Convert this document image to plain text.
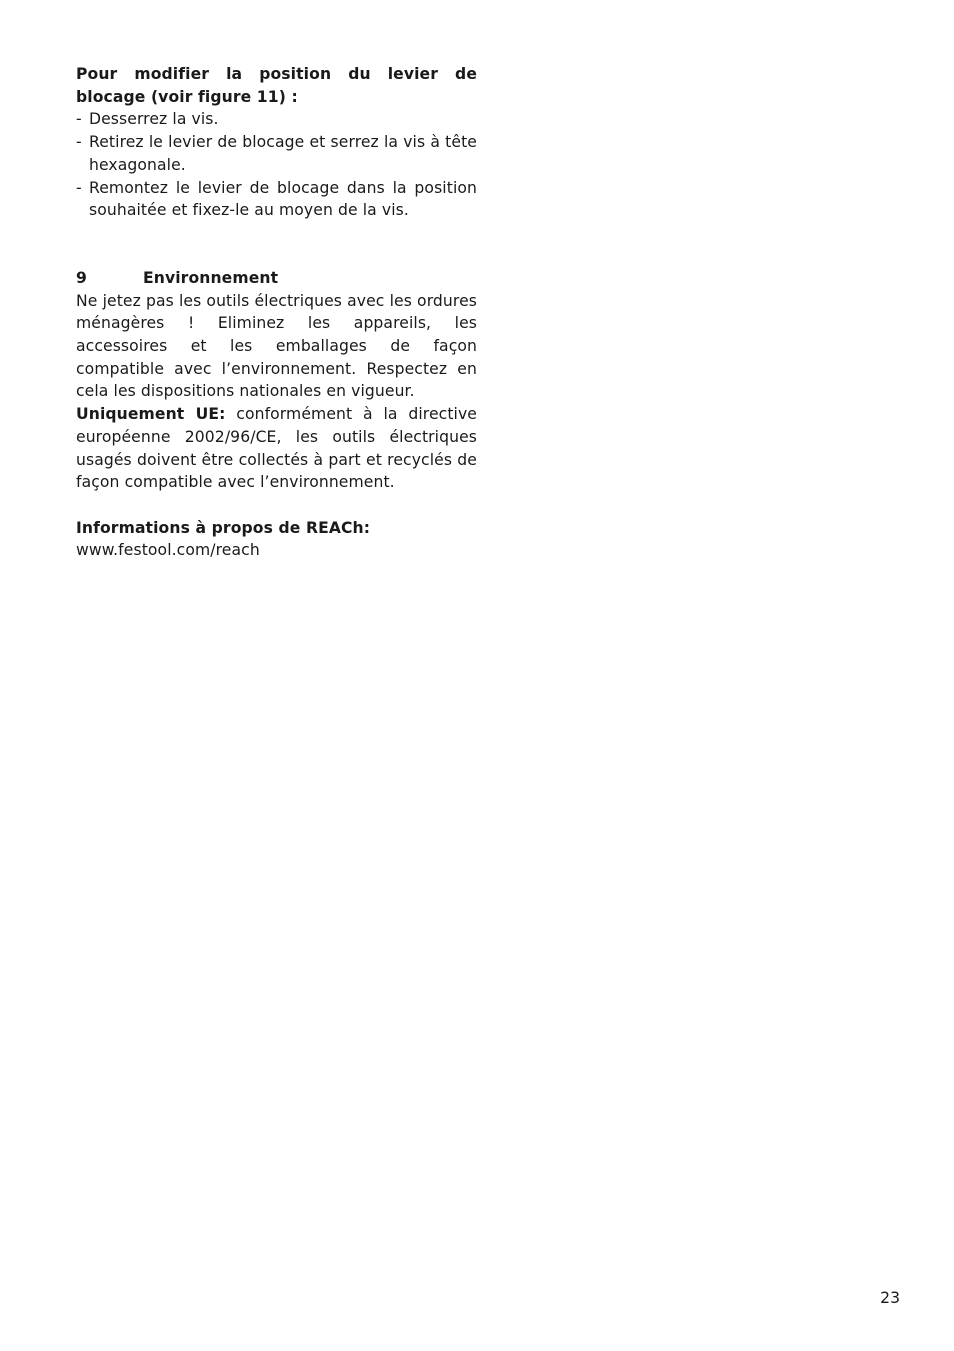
Pour modifier la position du levier de blocage (voir figure 11) :
- Desserrez la vis.
- Retirez le levier de blocage et serrez la vis à tête hexagonale.
- Remontez le levier de blocage dans la position souhaitée et fixez-le au moyen de la vis.
9	Environnement

Ne jetez pas les outils électriques avec les ordures ménagères ! Eliminez les appareils, les accessoires et les emballages de façon compatible avec l’environnement. Respectez en cela les dispositions nationales en vigueur.

Uniquement UE: conformément à la directive européenne 2002/96/CE, les outils électriques usagés doivent être collectés à part et recyclés de façon compatible avec l’environnement.

Informations à propos de REACh:
www.festool.com/reach
23
